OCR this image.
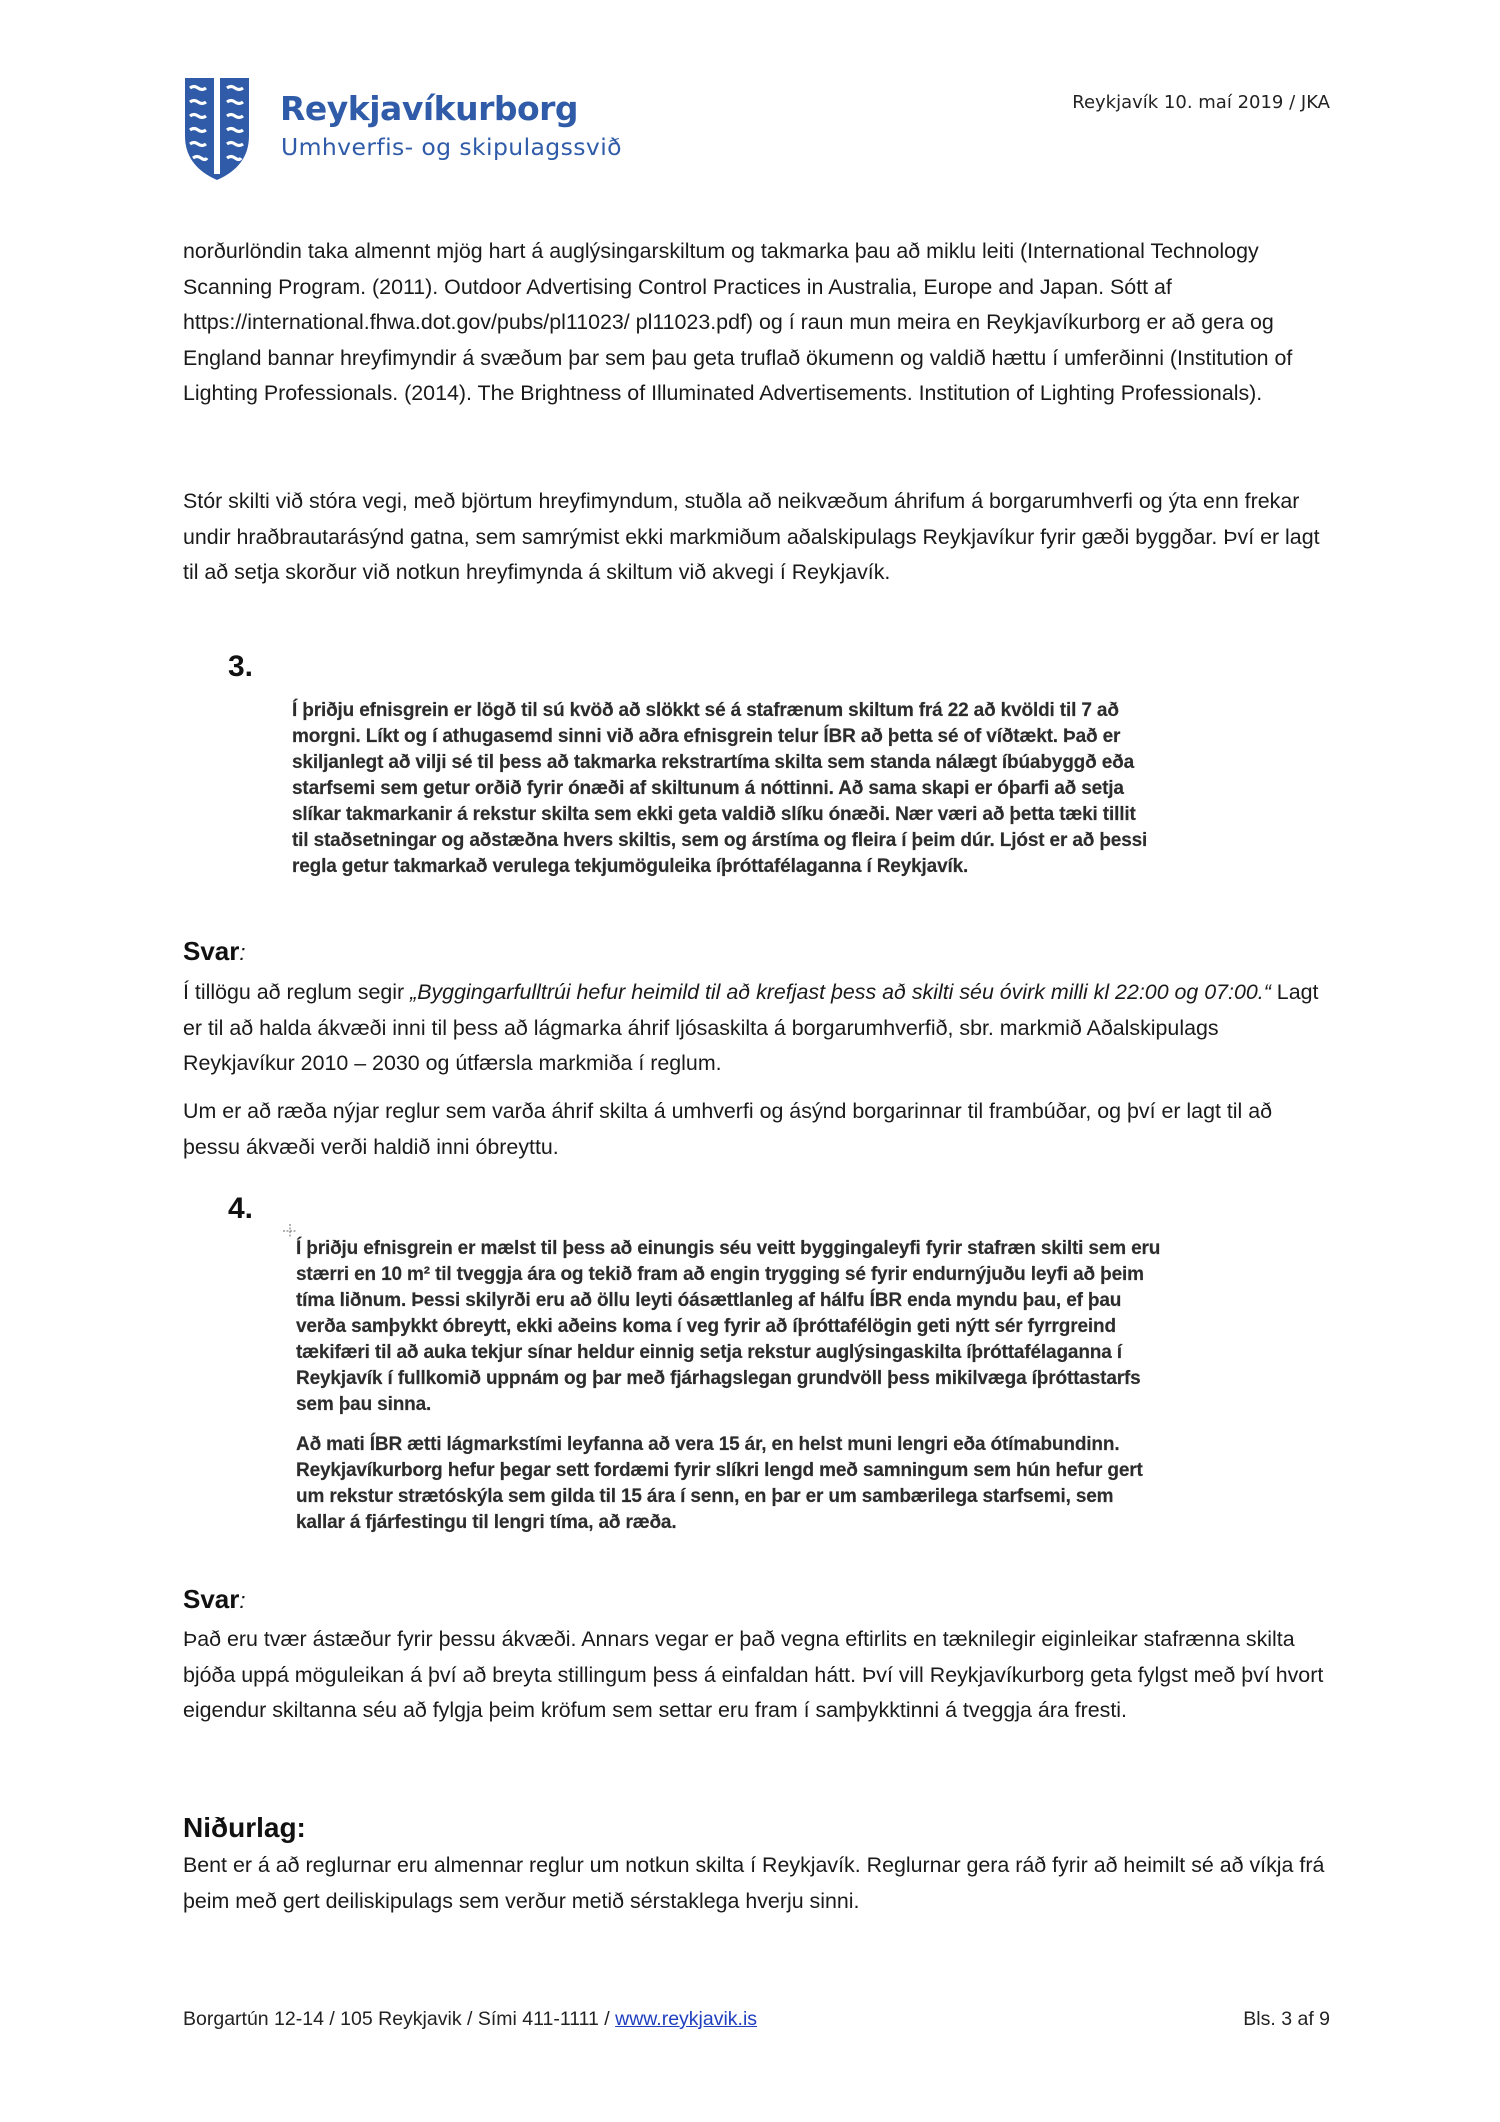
Reykjavíkurborg

Umhverfis- og skipulagssvið

Reykjavík 10. maí 2019 / JKA

norðurlöndin taka almennt mjög hart á auglýsingarskiltum og takmarka þau að miklu leiti (International Technology Scanning Program. (2011). Outdoor Advertising Control Practices in Australia, Europe and Japan. Sótt af https://international.fhwa.dot.gov/pubs/pl11023/ pl11023.pdf) og í raun mun meira en Reykjavíkurborg er að gera og England bannar hreyfimyndir á svæðum þar sem þau geta truflað ökumenn og valdið hættu í umferðinni (Institution of Lighting Professionals. (2014). The Brightness of Illuminated Advertisements. Institution of Lighting Professionals).

Stór skilti við stóra vegi, með björtum hreyfimyndum, stuðla að neikvæðum áhrifum á borgarumhverfi og ýta enn frekar undir hraðbrautarásýnd gatna, sem samrýmist ekki markmiðum aðalskipulags Reykjavíkur fyrir gæði byggðar. Því er lagt til að setja skorður við notkun hreyfimynda á skiltum við akvegi í Reykjavík.

3.

Í þriðju efnisgrein er lögð til sú kvöð að slökkt sé á stafrænum skiltum frá 22 að kvöldi til 7 að
morgni. Líkt og í athugasemd sinni við aðra efnisgrein telur ÍBR að þetta sé of víðtækt. Það er
skiljanlegt að vilji sé til þess að takmarka rekstrartíma skilta sem standa nálægt íbúabyggð eða
starfsemi sem getur orðið fyrir ónæði af skiltunum á nóttinni. Að sama skapi er óþarfi að setja
slíkar takmarkanir á rekstur skilta sem ekki geta valdið slíku ónæði. Nær væri að þetta tæki tillit
til staðsetningar og aðstæðna hvers skiltis, sem og árstíma og fleira í þeim dúr. Ljóst er að þessi
regla getur takmarkað verulega tekjumöguleika íþróttafélaganna í Reykjavík.

Svar:

Í tillögu að reglum segir „Byggingarfulltrúi hefur heimild til að krefjast þess að skilti séu óvirk milli kl 22:00 og 07:00.“ Lagt er til að halda ákvæði inni til þess að lágmarka áhrif ljósaskilta á borgarumhverfið, sbr. markmið Aðalskipulags Reykjavíkur 2010 – 2030 og útfærsla markmiða í reglum.

Um er að ræða nýjar reglur sem varða áhrif skilta á umhverfi og ásýnd borgarinnar til frambúðar, og því er lagt til að þessu ákvæði verði haldið inni óbreyttu.

4.

Í þriðju efnisgrein er mælst til þess að einungis séu veitt byggingaleyfi fyrir stafræn skilti sem eru
stærri en 10 m² til tveggja ára og tekið fram að engin trygging sé fyrir endurnýjuðu leyfi að þeim
tíma liðnum. Þessi skilyrði eru að öllu leyti óásættlanleg af hálfu ÍBR enda myndu þau, ef þau
verða samþykkt óbreytt, ekki aðeins koma í veg fyrir að íþróttafélögin geti nýtt sér fyrrgreind
tækifæri til að auka tekjur sínar heldur einnig setja rekstur auglýsingaskilta íþróttafélaganna í
Reykjavík í fullkomið uppnám og þar með fjárhagslegan grundvöll þess mikilvæga íþróttastarfs
sem þau sinna.

Að mati ÍBR ætti lágmarkstími leyfanna að vera 15 ár, en helst muni lengri eða ótímabundinn.
Reykjavíkurborg hefur þegar sett fordæmi fyrir slíkri lengd með samningum sem hún hefur gert
um rekstur strætóskýla sem gilda til 15 ára í senn, en þar er um sambærilega starfsemi, sem
kallar á fjárfestingu til lengri tíma, að ræða.

Svar:

Það eru tvær ástæður fyrir þessu ákvæði. Annars vegar er það vegna eftirlits en tæknilegir eiginleikar stafrænna skilta bjóða uppá möguleikan á því að breyta stillingum þess á einfaldan hátt. Því vill Reykjavíkurborg geta fylgst með því hvort eigendur skiltanna séu að fylgja þeim kröfum sem settar eru fram í samþykktinni á tveggja ára fresti.

Niðurlag:

Bent er á að reglurnar eru almennar reglur um notkun skilta í Reykjavík. Reglurnar gera ráð fyrir að heimilt sé að víkja frá þeim með gert deiliskipulags sem verður metið sérstaklega hverju sinni.

Borgartún 12-14 / 105 Reykjavik / Sími 411-1111 / www.reykjavik.is	Bls. 3 af 9
